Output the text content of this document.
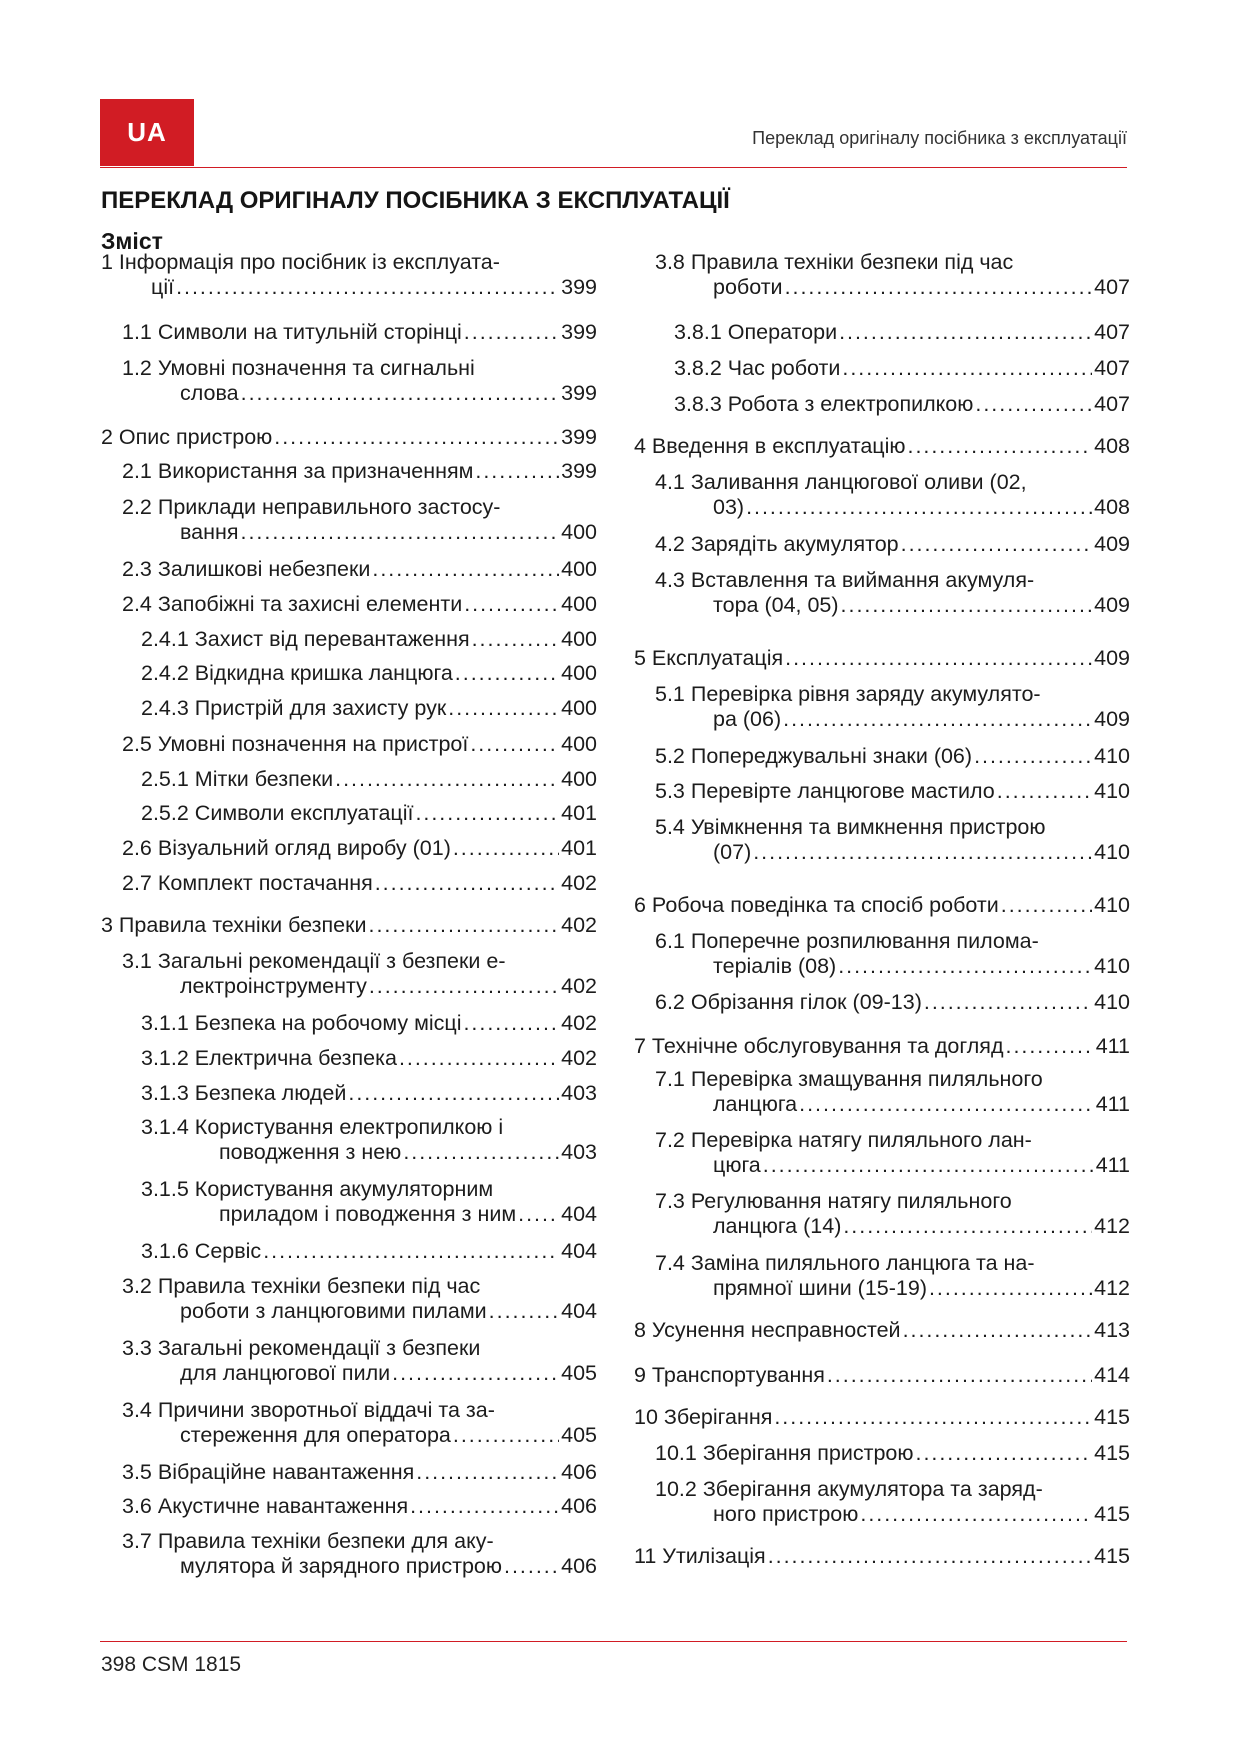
UA	Переклад оригіналу посібника з експлуатації
ПЕРЕКЛАД ОРИГІНАЛУ ПОСІБНИКА З ЕКСПЛУАТАЦІЇ
Зміст
1 Інформація про посібник із експлуата-
ції . . .	399
1.1 Символи на титульній сторінці . . .	399
1.2 Умовні позначення та сигнальні
слова . . .	399
2 Опис пристрою . . .	399
2.1 Використання за призначенням . . .	399
2.2 Приклади неправильного застосу-
вання . . .	400
2.3 Залишкові небезпеки . . .	400
2.4 Запобіжні та захисні елементи . . .	400
2.4.1 Захист від перевантаження . . .	400
2.4.2 Відкидна кришка ланцюга . . .	400
2.4.3 Пристрій для захисту рук . . .	400
2.5 Умовні позначення на пристрої . . .	400
2.5.1 Мітки безпеки . . .	400
2.5.2 Символи експлуатації . . .	401
2.6 Візуальний огляд виробу (01) . . .	401
2.7 Комплект постачання . . .	402
3 Правила техніки безпеки . . .	402
3.1 Загальні рекомендації з безпеки е-
лектроінструменту . . .	402
3.1.1 Безпека на робочому місці . . .	402
3.1.2 Електрична безпека . . .	402
3.1.3 Безпека людей . . .	403
3.1.4 Користування електропилкою і
поводження з нею . . .	403
3.1.5 Користування акумуляторним
приладом і поводження з ним . . . 404
3.1.6 Сервіс . . .	404
3.2 Правила техніки безпеки під час
роботи з ланцюговими пилами . . .	404
3.3 Загальні рекомендації з безпеки
для ланцюгової пили . . .	405
3.4 Причини зворотньої віддачі та за-
стереження для оператора . . .	405
3.5 Вібраційне навантаження . . .	406
3.6 Акустичне навантаження . . .	406
3.7 Правила техніки безпеки для аку-
мулятора й зарядного пристрою . . .	406
3.8 Правила техніки безпеки під час
роботи . . .	407
3.8.1 Оператори . . .	407
3.8.2 Час роботи . . .	407
3.8.3 Робота з електропилкою . . .	407
4 Введення в експлуатацію . . .	408
4.1 Заливання ланцюгової оливи (02,
03) . . .	408
4.2 Зарядіть акумулятор . . .	409
4.3 Вставлення та виймання акумуля-
тора (04, 05) . . .	409
5 Експлуатація . . .	409
5.1 Перевірка рівня заряду акумулято-
ра (06) . . .	409
5.2 Попереджувальні знаки (06) . . .	410
5.3 Перевірте ланцюгове мастило . . .	410
5.4 Увімкнення та вимкнення пристрою
(07) . . .	410
6 Робоча поведінка та спосіб роботи . . .	410
6.1 Поперечне розпилювання пилома-
теріалів (08) . . .	410
6.2 Обрізання гілок (09-13) . . .	410
7 Технічне обслуговування та догляд . . .	411
7.1 Перевірка змащування пиляльного
ланцюга . . .	411
7.2 Перевірка натягу пиляльного лан-
цюга . . .	411
7.3 Регулювання натягу пиляльного
ланцюга (14) . . .	412
7.4 Заміна пиляльного ланцюга та на-
прямної шини (15-19) . . .	412
8 Усунення несправностей . . .	413
9 Транспортування . . .	414
10 Зберігання . . .	415
10.1 Зберігання пристрою . . .	415
10.2 Зберігання акумулятора та заряд-
ного пристрою . . .	415
11 Утилізація . . .	415
398 CSM 1815
